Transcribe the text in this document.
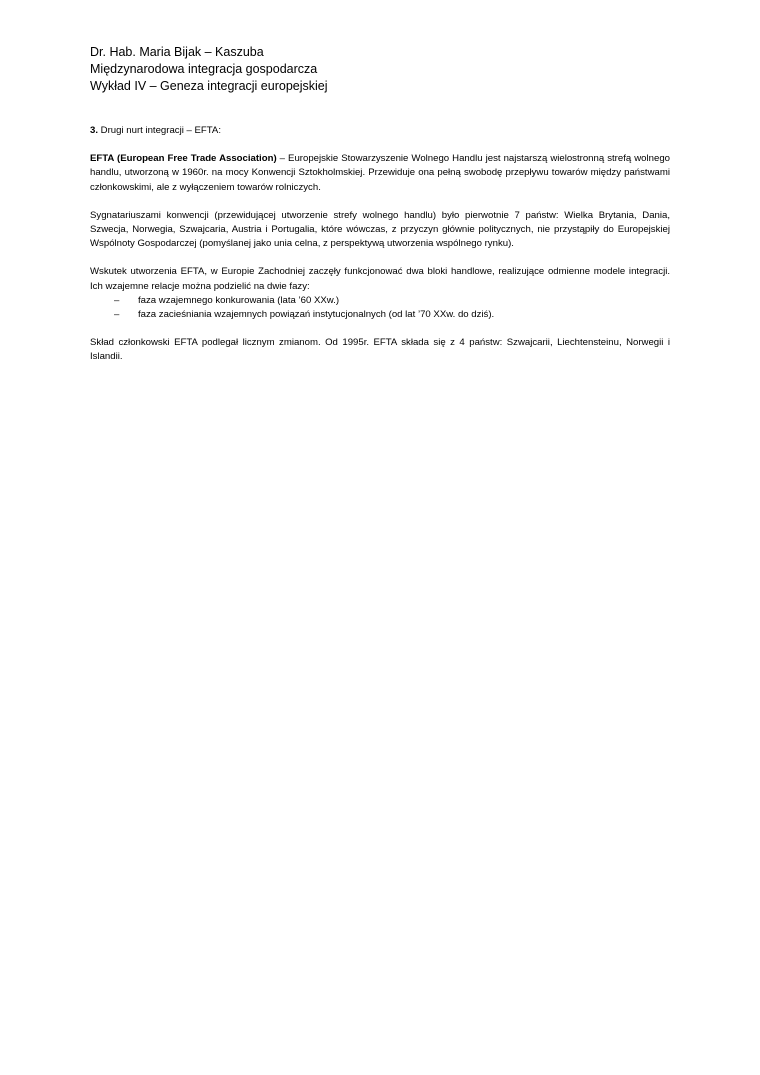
Dr. Hab. Maria Bijak – Kaszuba
Międzynarodowa integracja gospodarcza
Wykład IV – Geneza integracji europejskiej
3. Drugi nurt integracji – EFTA:

EFTA (European Free Trade Association) – Europejskie Stowarzyszenie Wolnego Handlu jest najstarszą wielostronną strefą wolnego handlu, utworzoną w 1960r. na mocy Konwencji Sztokholmskiej. Przewiduje ona pełną swobodę przepływu towarów między państwami członkowskimi, ale z wyłączeniem towarów rolniczych.

Sygnatariuszami konwencji (przewidującej utworzenie strefy wolnego handlu) było pierwotnie 7 państw: Wielka Brytania, Dania, Szwecja, Norwegia, Szwajcaria, Austria i Portugalia, które wówczas, z przyczyn głównie politycznych, nie przystąpiły do Europejskiej Wspólnoty Gospodarczej (pomyślanej jako unia celna, z perspektywą utworzenia wspólnego rynku).

Wskutek utworzenia EFTA, w Europie Zachodniej zaczęły funkcjonować dwa bloki handlowe, realizujące odmienne modele integracji. Ich wzajemne relacje można podzielić na dwie fazy:

– faza wzajemnego konkurowania (lata ’60 XXw.)
– faza zacieśniania wzajemnych powiązań instytucjonalnych (od lat ’70 XXw. do dziś).

Skład członkowski EFTA podlegał licznym zmianom. Od 1995r. EFTA składa się z 4 państw: Szwajcarii, Liechtensteinu, Norwegii i Islandii.
